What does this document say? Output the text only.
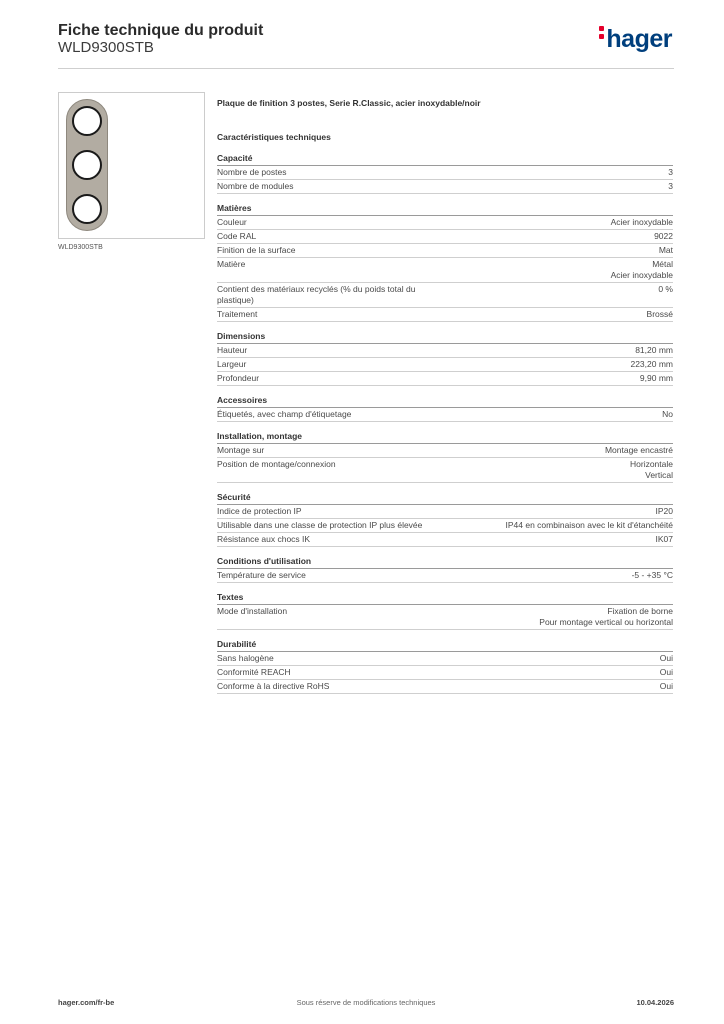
Fiche technique du produit
WLD9300STB	hager
WLD9300STB
Plaque de finition 3 postes, Serie R.Classic, acier inoxydable/noir
Caractéristiques techniques
Capacité
Nombre de postes	3
Nombre de modules	3
Matières
Couleur	Acier inoxydable
Code RAL	9022
Finition de la surface	Mat
Matière	Métal
Acier inoxydable
Contient des matériaux recyclés (% du poids total du plastique)
0 %
Traitement	Brossé
Dimensions
Hauteur	81,20 mm
Largeur	223,20 mm
Profondeur	9,90 mm
Accessoires
Étiquetés, avec champ d'étiquetage	No
Installation, montage
Montage sur	Montage encastré
Position de montage/connexion	Horizontale
Vertical
Sécurité
Indice de protection IP	IP20
Utilisable dans une classe de protection IP plus élevée	IP44 en combinaison avec le kit d'étanchéité
Résistance aux chocs IK	IK07
Conditions d'utilisation
Température de service	-5 - +35 °C
Textes
Mode d'installation	Fixation de borne
Pour montage vertical ou horizontal
Durabilité
Sans halogène	Oui
Conformité REACH	Oui
Conforme à la directive RoHS	Oui
hager.com/fr-be	Sous réserve de modifications techniques	10.04.2026
